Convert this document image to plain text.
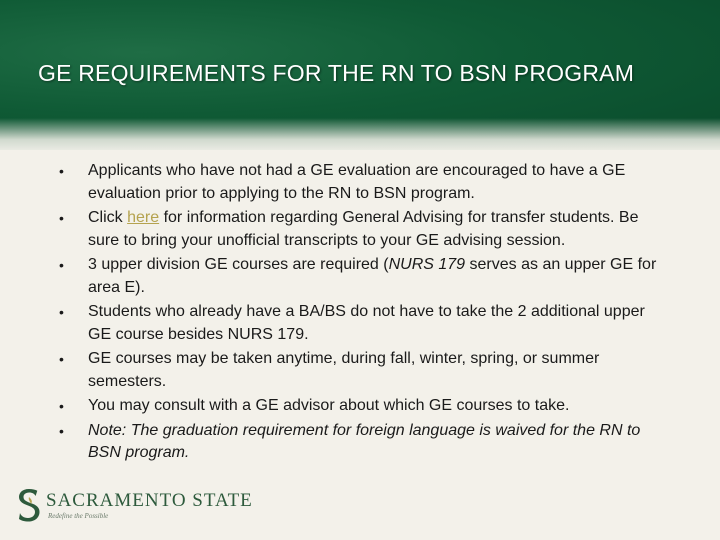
GE REQUIREMENTS FOR THE RN TO BSN PROGRAM
• Applicants who have not had a GE evaluation are encouraged to have a GE evaluation prior to applying to the RN to BSN program.
• Click here for information regarding General Advising for transfer students. Be sure to bring your unofficial transcripts to your GE advising session.
• 3 upper division GE courses are required (NURS 179 serves as an upper GE for area E).
• Students who already have a BA/BS do not have to take the 2 additional upper GE course besides NURS 179.
• GE courses may be taken anytime, during fall, winter, spring, or summer semesters.
• You may consult with a GE advisor about which GE courses to take.
• Note: The graduation requirement for foreign language is waived for the RN to BSN program.
SACRAMENTO STATE
Redefine the Possible
